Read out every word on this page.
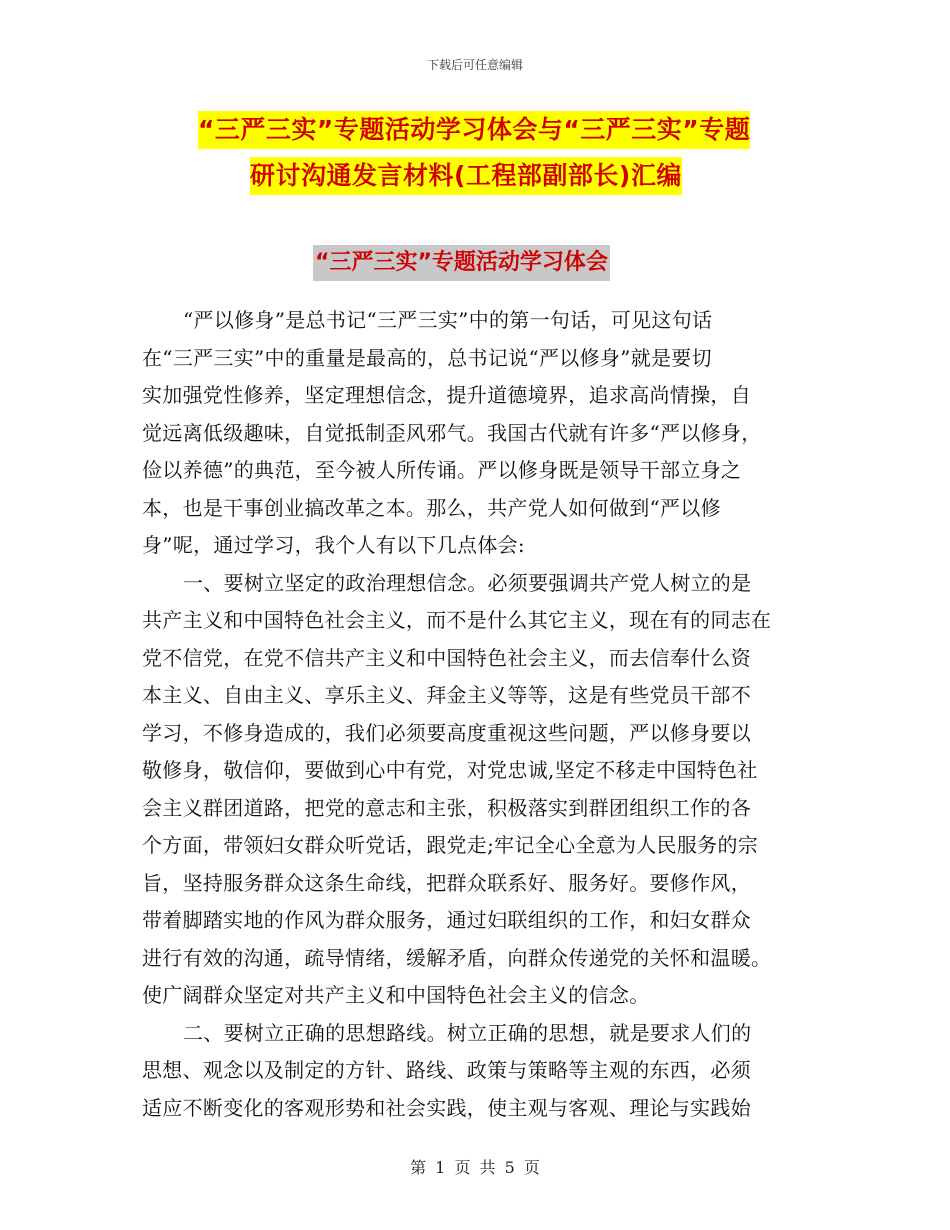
下载后可任意编辑
“三严三实”专题活动学习体会与“三严三实”专题
研讨沟通发言材料(工程部副部长)汇编
“三严三实”专题活动学习体会
“严以修身”是总书记“三严三实”中的第一句话，可见这句话
在“三严三实”中的重量是最高的，总书记说“严以修身”就是要切
实加强党性修养，坚定理想信念，提升道德境界，追求高尚情操，自
觉远离低级趣味，自觉抵制歪风邪气。我国古代就有许多“严以修身，
俭以养德”的典范，至今被人所传诵。严以修身既是领导干部立身之
本，也是干事创业搞改革之本。那么，共产党人如何做到“严以修
身”呢，通过学习，我个人有以下几点体会:
一、要树立坚定的政治理想信念。必须要强调共产党人树立的是
共产主义和中国特色社会主义，而不是什么其它主义，现在有的同志在
党不信党，在党不信共产主义和中国特色社会主义，而去信奉什么资
本主义、自由主义、享乐主义、拜金主义等等，这是有些党员干部不
学习，不修身造成的，我们必须要高度重视这些问题，严以修身要以
敬修身，敬信仰，要做到心中有党，对党忠诚,坚定不移走中国特色社
会主义群团道路，把党的意志和主张，积极落实到群团组织工作的各
个方面，带领妇女群众听党话，跟党走;牢记全心全意为人民服务的宗
旨，坚持服务群众这条生命线，把群众联系好、服务好。要修作风，
带着脚踏实地的作风为群众服务，通过妇联组织的工作，和妇女群众
进行有效的沟通，疏导情绪，缓解矛盾，向群众传递党的关怀和温暖。
使广阔群众坚定对共产主义和中国特色社会主义的信念。
二、要树立正确的思想路线。树立正确的思想，就是要求人们的
思想、观念以及制定的方针、路线、政策与策略等主观的东西，必须
适应不断变化的客观形势和社会实践，使主观与客观、理论与实践始
第 1 页 共 5 页
